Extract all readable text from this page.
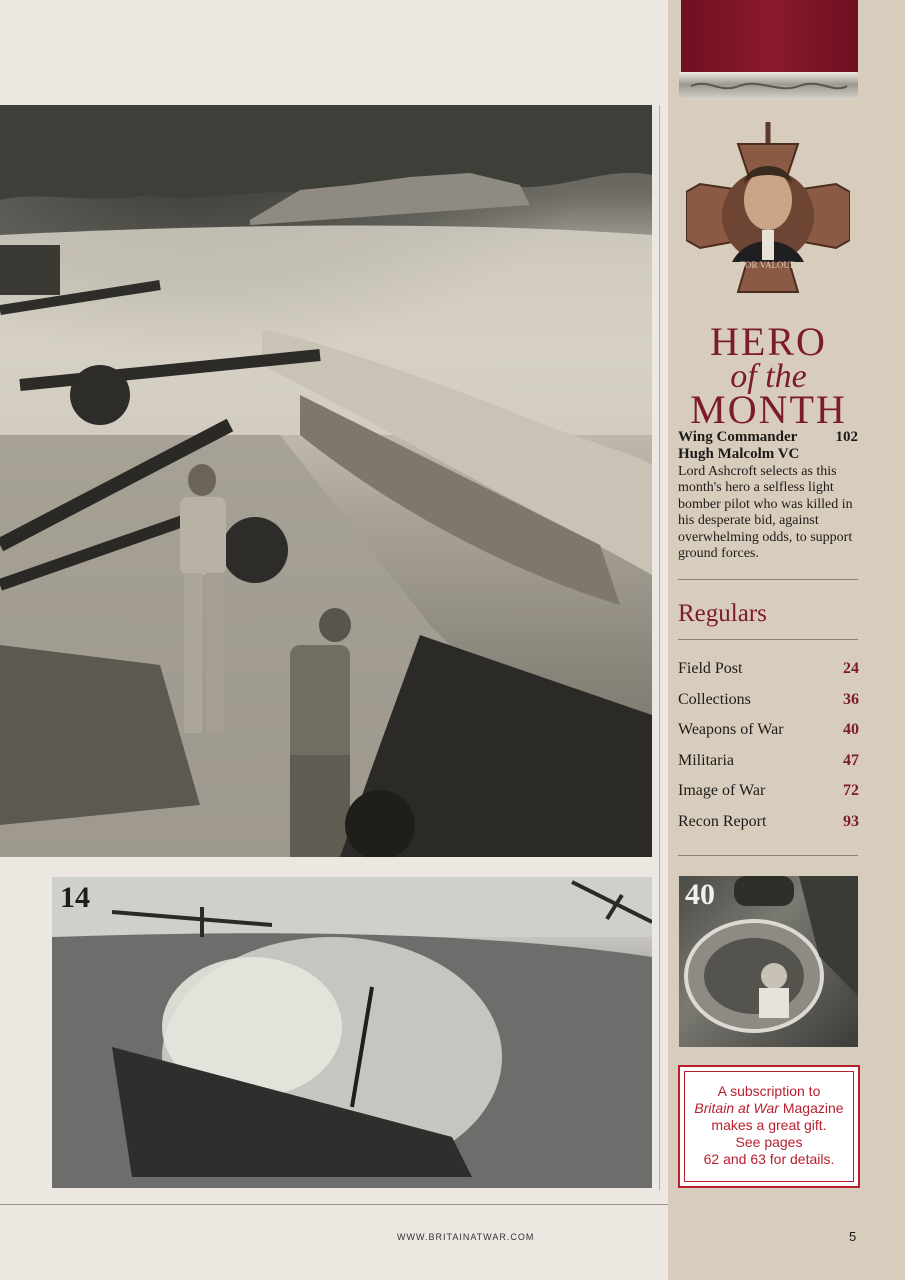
14	40
FOR VALOUR
HERO
of the
MONTH
Wing Commander Hugh Malcolm VC
102
Lord Ashcroft selects as this month's hero a selfless light bomber pilot who was killed in his desperate bid, against overwhelming odds, to support ground forces.
Regulars
Field Post	24
Collections	36
Weapons of War	40
Militaria	47
Image of War	72
Recon Report	93
A subscription to
Britain at War Magazine
makes a great gift.
See pages
62 and 63 for details.
WWW.BRITAINATWAR.COM	5
